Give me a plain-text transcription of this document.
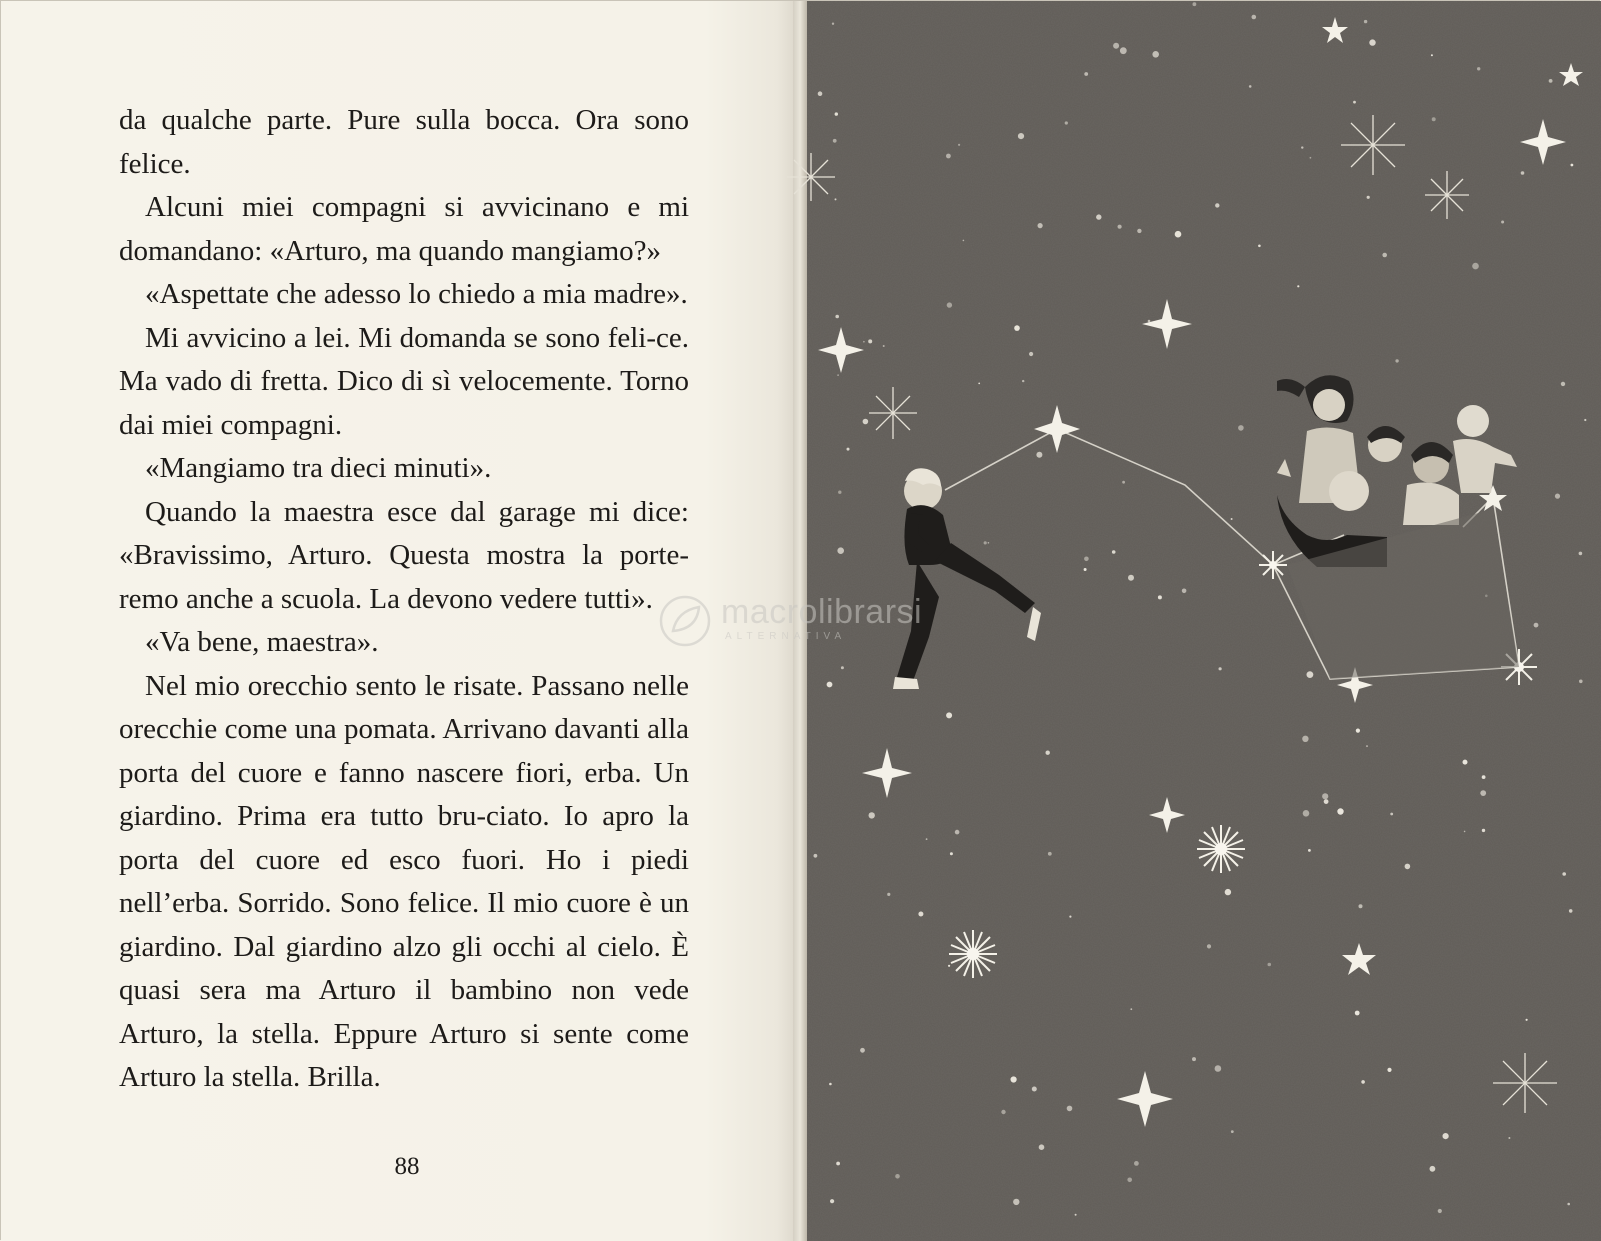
da qualche parte. Pure sulla bocca. Ora sono felice.

Alcuni miei compagni si avvicinano e mi domandano: «Arturo, ma quando mangiamo?»

«Aspettate che adesso lo chiedo a mia madre».

Mi avvicino a lei. Mi domanda se sono feli-ce. Ma vado di fretta. Dico di sì velocemente. Torno dai miei compagni.

«Mangiamo tra dieci minuti».

Quando la maestra esce dal garage mi dice: «Bravissimo, Arturo. Questa mostra la porte-remo anche a scuola. La devono vedere tutti».

«Va bene, maestra».

Nel mio orecchio sento le risate. Passano nelle orecchie come una pomata. Arrivano davanti alla porta del cuore e fanno nascere fiori, erba. Un giardino. Prima era tutto bru-ciato. Io apro la porta del cuore ed esco fuori. Ho i piedi nell’erba. Sorrido. Sono felice. Il mio cuore è un giardino. Dal giardino alzo gli occhi al cielo. È quasi sera ma Arturo il bambino non vede Arturo, la stella. Eppure Arturo si sente come Arturo la stella. Brilla.

88
macrolibrarsi
ALTERNATIVA
